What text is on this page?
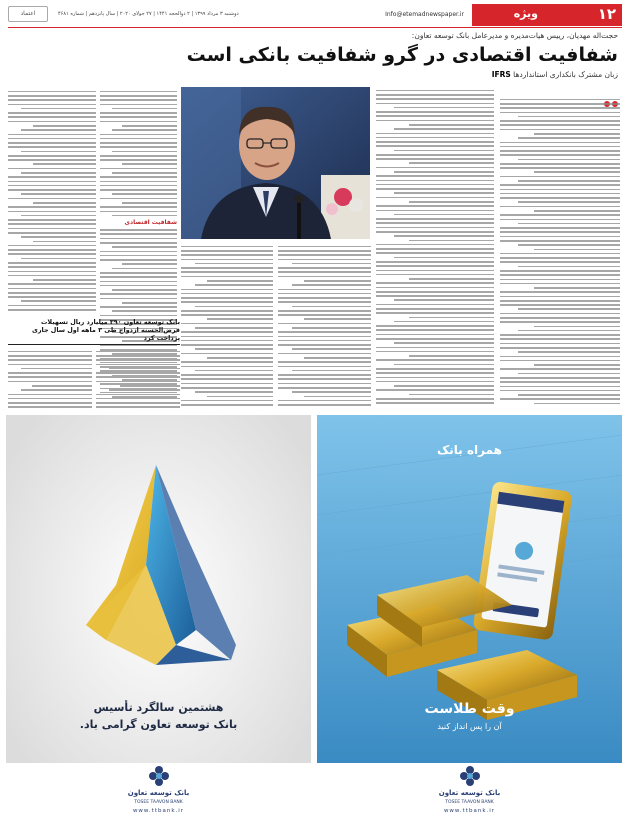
اعتماد	دوشنبه ۳ مرداد ۱۳۹۹ | ۲ ذوالحجه ۱۴۴۱ | ۲۷ جولای ۲۰۲۰ | سال پانزدهم | شماره ۴۶۸۱	Info@etemadnewspaper.ir	ویژه	۱۲
حجت‌اله مهدیان، رییس هیات‌مدیره و مدیرعامل بانک توسعه تعاون:
شفافیت اقتصادی در گرو شفافیت بانکی است
زبان مشترک بانکداری استانداردها IFRS
شفافیت اقتصادی
بانک توسعه تعاون ۳۹۰ میلیارد ریال تسهیلات قرض‌الحسنه ازدواج طی ۳ ماهه اول سال جاری پرداخت کرد
هشتمین سالگرد تأسیس
بانک توسعه تعاون گرامی باد.
بانک توسعه تعاون
TOSEE TAAVON BANK
www.ttbank.ir
همراه بانک
وقت طلاست
آن را پس انداز کنید
بانک توسعه تعاون
TOSEE TAAVON BANK
www.ttbank.ir
